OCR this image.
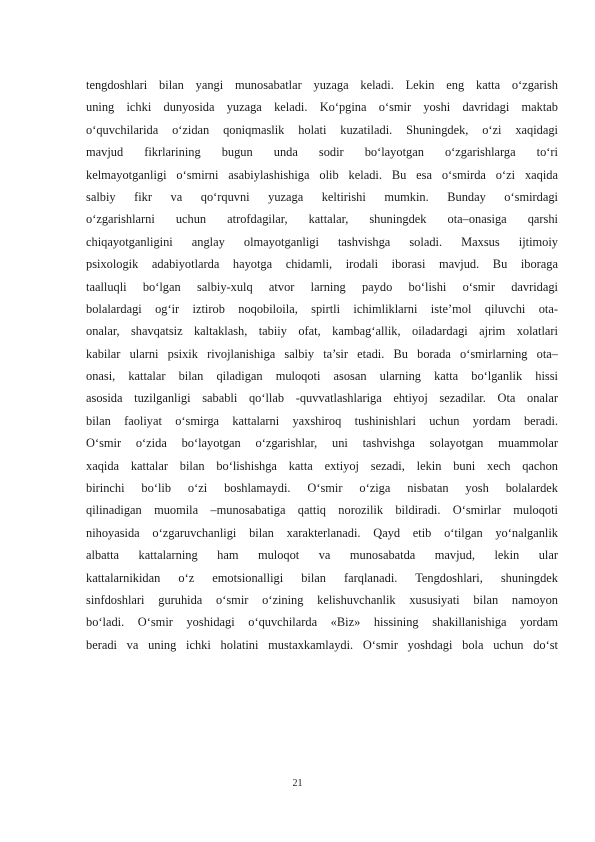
tengdoshlari bilan yangi munosabatlar yuzaga keladi. Lekin eng katta o‘zgarish
uning ichki dunyosida yuzaga keladi. Ko‘pgina o‘smir yoshi davridagi maktab
o‘quvchilarida o‘zidan qoniqmaslik holati kuzatiladi. Shuningdek, o‘zi xaqidagi
mavjud fikrlarining bugun unda sodir bo‘layotgan o‘zgarishlarga to‘ri
kelmayotganligi o‘smirni asabiylashishiga olib keladi. Bu esa o‘smirda o‘zi xaqida
salbiy fikr va qo‘rquvni yuzaga keltirishi mumkin. Bunday o‘smirdagi
o‘zgarishlarni uchun atrofdagilar, kattalar, shuningdek ota–onasiga qarshi
chiqayotganligini anglay olmayotganligi tashvishga soladi. Maxsus ijtimoiy
psixologik adabiyotlarda hayotga chidamli, irodali iborasi mavjud. Bu iboraga
taalluqli bo‘lgan salbiy-xulq atvor larning paydo bo‘lishi o‘smir davridagi
bolalardagi og‘ir iztirob noqobiloila, spirtli ichimliklarni iste’mol qiluvchi ota-
onalar, shavqatsiz kaltaklash, tabiiy ofat, kambag‘allik, oiladardagi ajrim xolatlari
kabilar ularni psixik rivojlanishiga salbiy ta’sir etadi. Bu borada o‘smirlarning ota–
onasi, kattalar bilan qiladigan muloqoti asosan ularning katta bo‘lganlik hissi
asosida tuzilganligi sababli qo‘llab -quvvatlashlariga ehtiyoj sezadilar. Ota onalar
bilan faoliyat o‘smirga kattalarni yaxshiroq tushinishlari uchun yordam beradi.
O‘smir o‘zida bo‘layotgan o‘zgarishlar, uni tashvishga solayotgan muammolar
xaqida kattalar bilan bo‘lishishga katta extiyoj sezadi, lekin buni xech qachon
birinchi bo‘lib o‘zi boshlamaydi. O‘smir o‘ziga nisbatan yosh bolalardek
qilinadigan muomila –munosabatiga qattiq norozilik bildiradi. O‘smirlar muloqoti
nihoyasida o‘zgaruvchanligi bilan xarakterlanadi. Qayd etib o‘tilgan yo‘nalganlik
albatta kattalarning ham muloqot va munosabatda mavjud, lekin ular
kattalarnikidan o‘z emotsionalligi bilan farqlanadi. Tengdoshlari, shuningdek
sinfdoshlari guruhida o‘smir o‘zining kelishuvchanlik xususiyati bilan namoyon
bo‘ladi. O‘smir yoshidagi o‘quvchilarda «Biz» hissining shakillanishiga yordam
beradi va uning ichki holatini mustaxkamlaydi. O‘smir yoshdagi bola uchun do‘st
21
